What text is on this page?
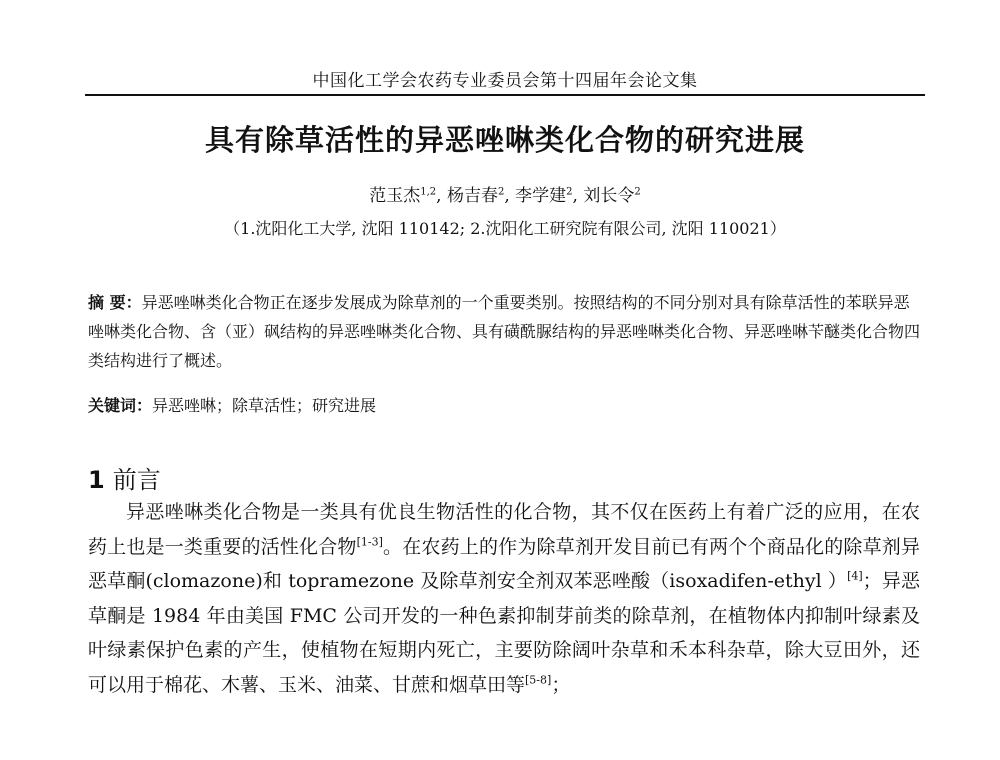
中国化工学会农药专业委员会第十四届年会论文集
具有除草活性的异恶唑啉类化合物的研究进展
范玉杰$^{1,2}$, 杨吉春$^2$, 李学建$^2$, 刘长令$^2$
（1.沈阳化工大学, 沈阳 110142; 2.沈阳化工研究院有限公司, 沈阳 110021）
摘 要：异恶唑啉类化合物正在逐步发展成为除草剂的一个重要类别。按照结构的不同分别对具有除草活性的苯联异恶唑啉类化合物、含（亚）砜结构的异恶唑啉类化合物、具有磺酰脲结构的异恶唑啉类化合物、异恶唑啉苄醚类化合物四类结构进行了概述。
关键词：异恶唑啉；除草活性；研究进展
1 前言

异恶唑啉类化合物是一类具有优良生物活性的化合物，其不仅在医药上有着广泛的应用，在农药上也是一类重要的活性化合物[1-3]。在农药上的作为除草剂开发目前已有两个个商品化的除草剂异恶草酮(clomazone)和 topramezone 及除草剂安全剂双苯恶唑酸（isoxadifen-ethyl ）[4]；异恶草酮是 1984 年由美国 FMC 公司开发的一种色素抑制芽前类的除草剂，在植物体内抑制叶绿素及叶绿素保护色素的产生，使植物在短期内死亡，主要防除阔叶杂草和禾本科杂草，除大豆田外，还可以用于棉花、木薯、玉米、油菜、甘蔗和烟草田等[5-8]；
